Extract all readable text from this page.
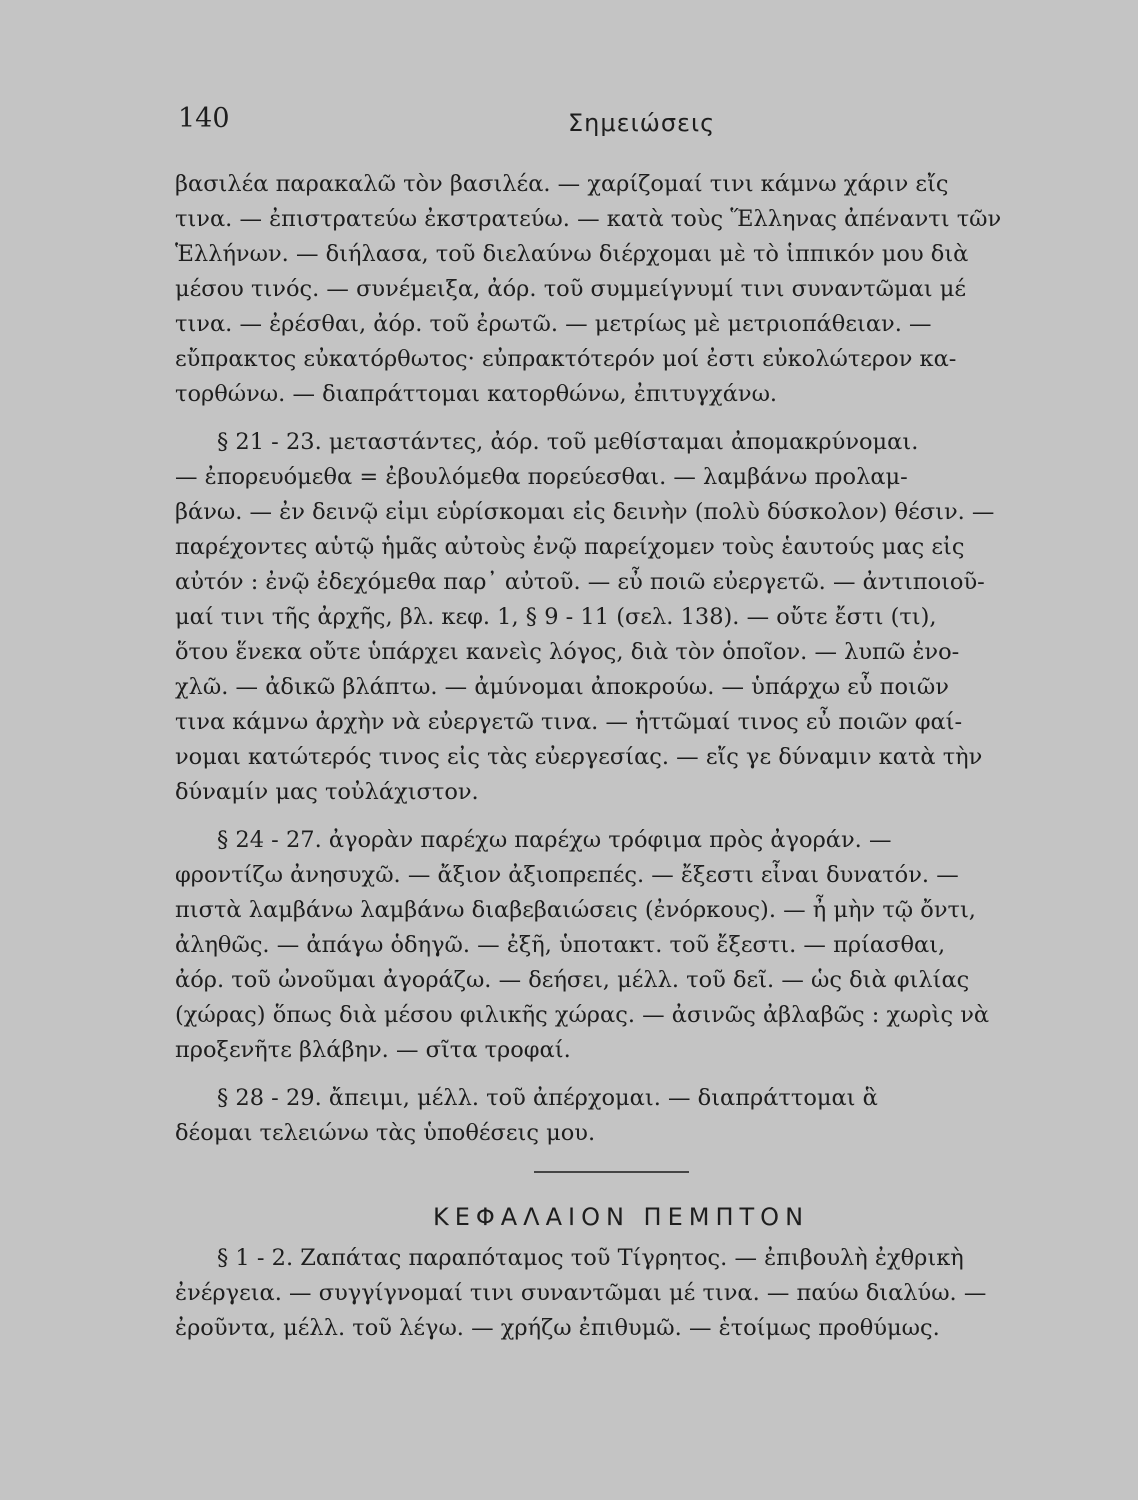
140	Σημειώσεις
βασιλέα παρακαλῶ τὸν βασιλέα. — χαρίζομαί τινι κάμνω χάριν εἴς
τινα. — ἐπιστρατεύω ἐκστρατεύω. — κατὰ τοὺς Ἕλληνας ἀπέναντι τῶν
Ἑλλήνων. — διήλασα, τοῦ διελαύνω διέρχομαι μὲ τὸ ἱππικόν μου διὰ
μέσου τινός. — συνέμειξα, ἀόρ. τοῦ συμμείγνυμί τινι συναντῶμαι μέ
τινα. — ἐρέσθαι, ἀόρ. τοῦ ἐρωτῶ. — μετρίως μὲ μετριοπάθειαν. —
εὔπρακτος εὐκατόρθωτος· εὐπρακτότερόν μοί ἐστι εὐκολώτερον κα-
τορθώνω. — διαπράττομαι κατορθώνω, ἐπιτυγχάνω.
§ 21 - 23. μεταστάντες, ἀόρ. τοῦ μεθίσταμαι ἀπομακρύνομαι.
— ἐπορευόμεθα = ἐβουλόμεθα πορεύεσθαι. — λαμβάνω προλαμ-
βάνω. — ἐν δεινῷ εἰμι εὑρίσκομαι εἰς δεινὴν (πολὺ δύσκολον) θέσιν. —
παρέχοντες αὑτῷ ἡμᾶς αὐτοὺς ἐνῷ παρείχομεν τοὺς ἑαυτούς μας εἰς
αὐτόν : ἐνῷ ἐδεχόμεθα παρ᾽ αὐτοῦ. — εὖ ποιῶ εὐεργετῶ. — ἀντιποιοῦ-
μαί τινι τῆς ἀρχῆς, βλ. κεφ. 1, § 9 - 11 (σελ. 138). — οὔτε ἔστι (τι),
ὅτου ἕνεκα οὔτε ὑπάρχει κανεὶς λόγος, διὰ τὸν ὁποῖον. — λυπῶ ἐνο-
χλῶ. — ἀδικῶ βλάπτω. — ἀμύνομαι ἀποκρούω. — ὑπάρχω εὖ ποιῶν
τινα κάμνω ἀρχὴν νὰ εὐεργετῶ τινα. — ἡττῶμαί τινος εὖ ποιῶν φαί-
νομαι κατώτερός τινος εἰς τὰς εὐεργεσίας. — εἴς γε δύναμιν κατὰ τὴν
δύναμίν μας τοὐλάχιστον.
§ 24 - 27. ἀγορὰν παρέχω παρέχω τρόφιμα πρὸς ἀγοράν. —
φροντίζω ἀνησυχῶ. — ἄξιον ἀξιοπρεπές. — ἔξεστι εἶναι δυνατόν. —
πιστὰ λαμβάνω λαμβάνω διαβεβαιώσεις (ἐνόρκους). — ἦ μὴν τῷ ὄντι,
ἀληθῶς. — ἀπάγω ὁδηγῶ. — ἐξῆ, ὑποτακτ. τοῦ ἔξεστι. — πρίασθαι,
ἀόρ. τοῦ ὠνοῦμαι ἀγοράζω. — δεήσει, μέλλ. τοῦ δεῖ. — ὡς διὰ φιλίας
(χώρας) ὅπως διὰ μέσου φιλικῆς χώρας. — ἀσινῶς ἀβλαβῶς : χωρὶς νὰ
προξενῆτε βλάβην. — σῖτα τροφαί.
§ 28 - 29. ἄπειμι, μέλλ. τοῦ ἀπέρχομαι. — διαπράττομαι ἃ
δέομαι τελειώνω τὰς ὑποθέσεις μου.
ΚΕΦΑΛΑΙΟΝ ΠΕΜΠΤΟΝ
§ 1 - 2. Ζαπάτας παραπόταμος τοῦ Τίγρητος. — ἐπιβουλὴ ἐχθρικὴ
ἐνέργεια. — συγγίγνομαί τινι συναντῶμαι μέ τινα. — παύω διαλύω. —
ἐροῦντα, μέλλ. τοῦ λέγω. — χρήζω ἐπιθυμῶ. — ἑτοίμως προθύμως.
